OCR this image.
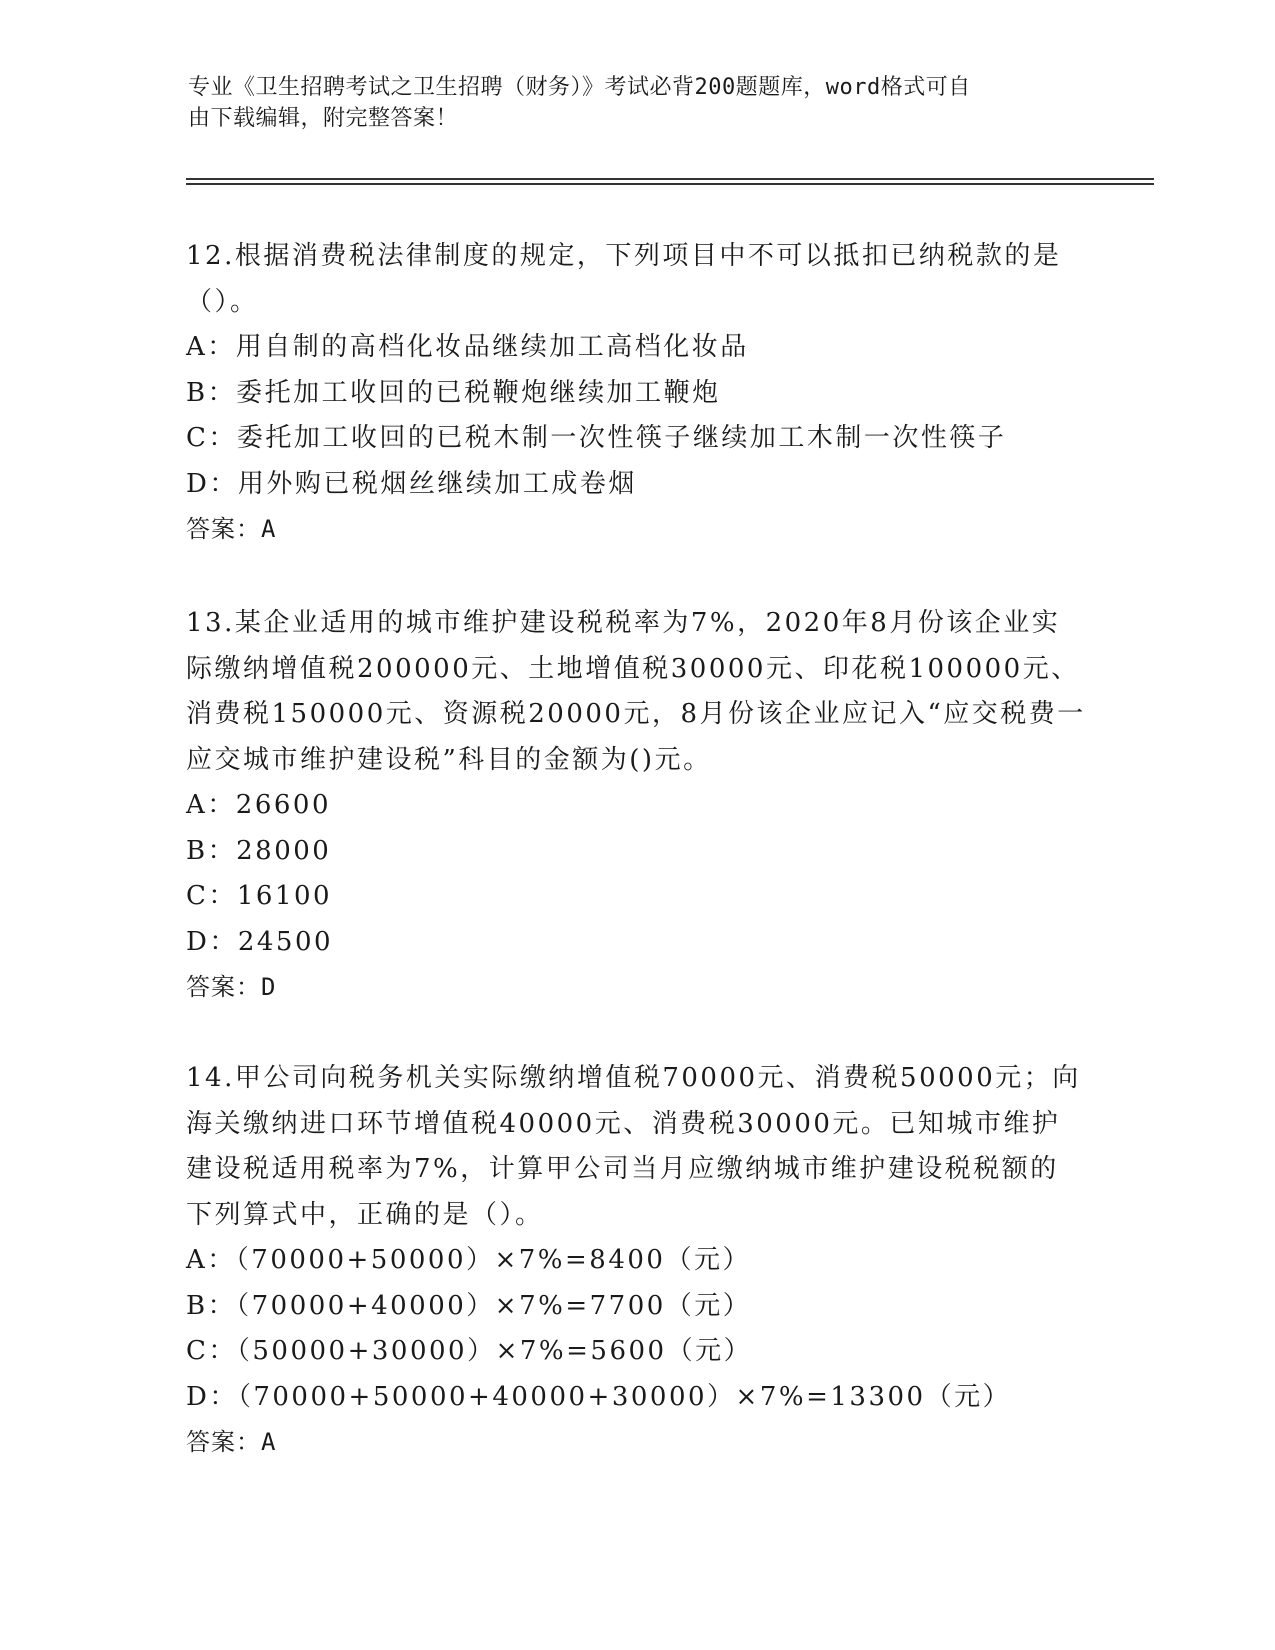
专业《卫生招聘考试之卫生招聘（财务）》考试必背200题题库，word格式可自
由下载编辑，附完整答案！

12.根据消费税法律制度的规定，下列项目中不可以抵扣已纳税款的是（）。

A：用自制的高档化妆品继续加工高档化妆品
B：委托加工收回的已税鞭炮继续加工鞭炮
C：委托加工收回的已税木制一次性筷子继续加工木制一次性筷子
D：用外购已税烟丝继续加工成卷烟
答案：A

13.某企业适用的城市维护建设税税率为7%，2020年8月份该企业实际缴纳增值税200000元、土地增值税30000元、印花税100000元、消费税150000元、资源税20000元，8月份该企业应记入“应交税费一应交城市维护建设税”科目的金额为()元。

A：26600
B：28000
C：16100
D：24500
答案：D

14.甲公司向税务机关实际缴纳增值税70000元、消费税50000元；向海关缴纳进口环节增值税40000元、消费税30000元。已知城市维护建设税适用税率为7%，计算甲公司当月应缴纳城市维护建设税税额的下列算式中，正确的是（）。

A：（70000+50000）×7%=8400（元）
B：（70000+40000）×7%=7700（元）
C：（50000+30000）×7%=5600（元）
D：（70000+50000+40000+30000）×7%=13300（元）
答案：A
